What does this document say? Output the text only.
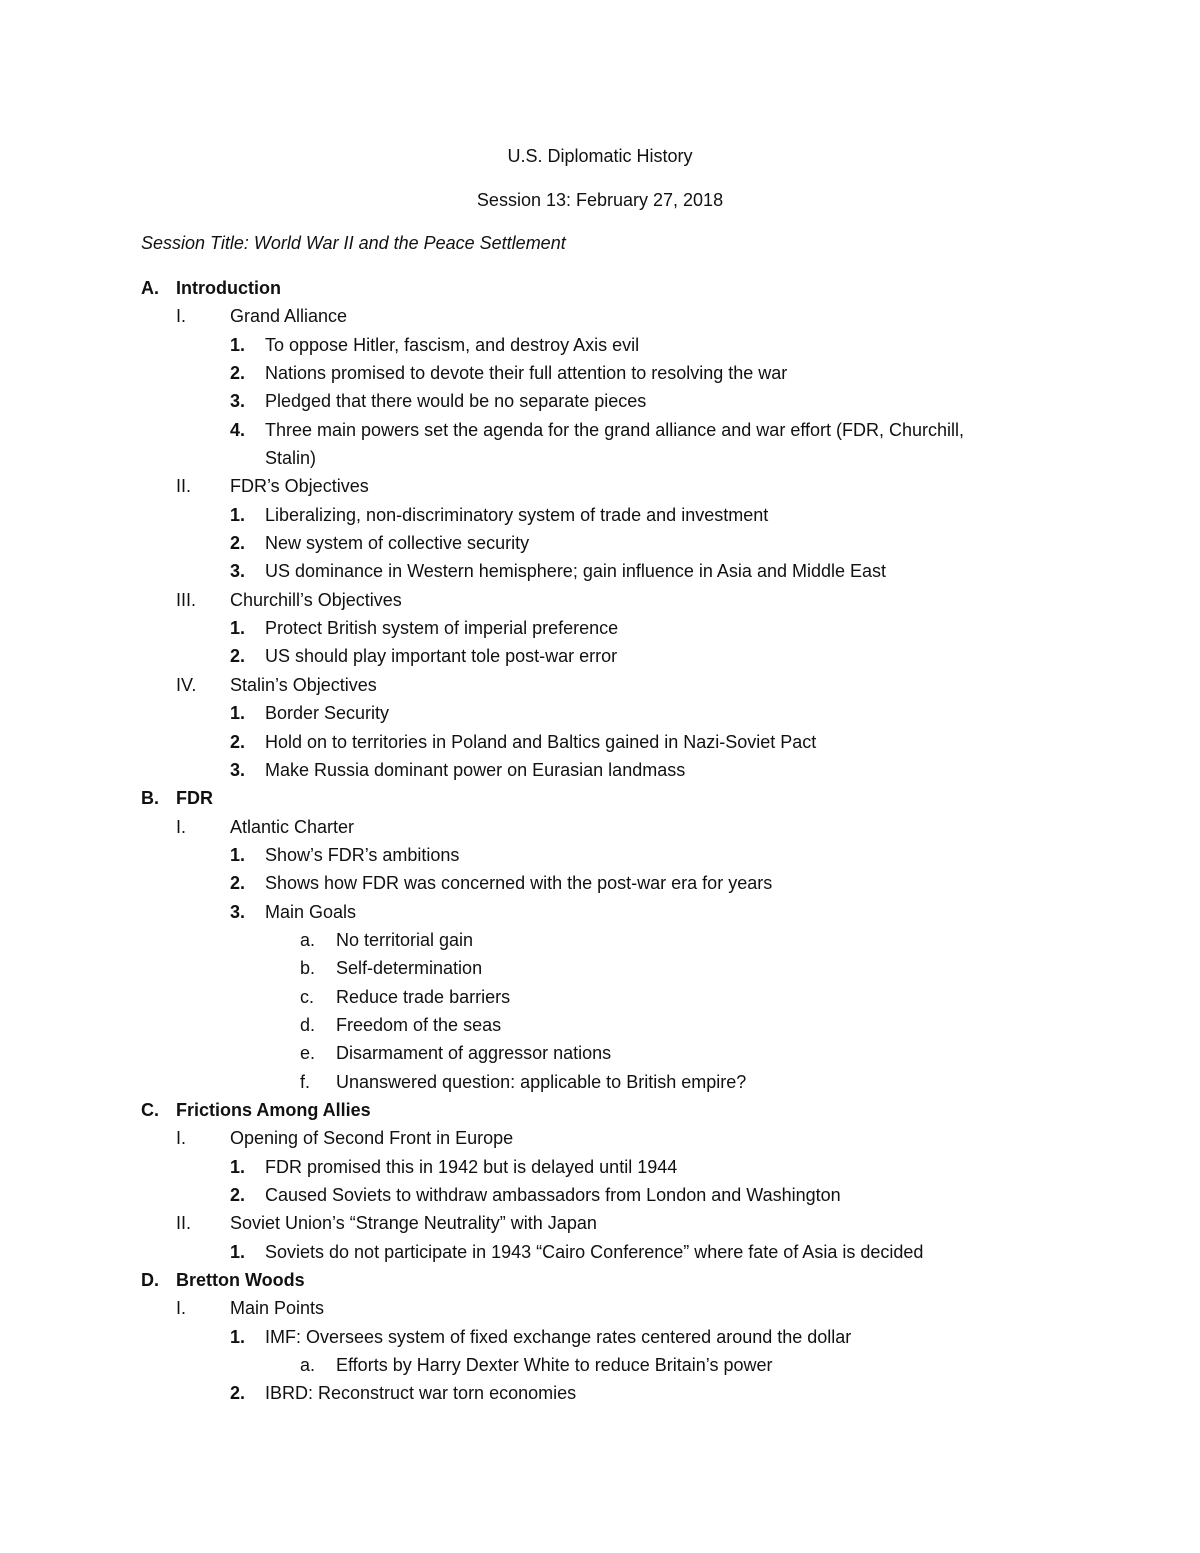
U.S. Diplomatic History
Session 13: February 27, 2018
Session Title: World War II and the Peace Settlement
A. Introduction
I. Grand Alliance
1. To oppose Hitler, fascism, and destroy Axis evil
2. Nations promised to devote their full attention to resolving the war
3. Pledged that there would be no separate pieces
4. Three main powers set the agenda for the grand alliance and war effort (FDR, Churchill,
Stalin)
II. FDR’s Objectives
1. Liberalizing, non-discriminatory system of trade and investment
2. New system of collective security
3. US dominance in Western hemisphere; gain influence in Asia and Middle East
III. Churchill’s Objectives
1. Protect British system of imperial preference
2. US should play important tole post-war error
IV. Stalin’s Objectives
1. Border Security
2. Hold on to territories in Poland and Baltics gained in Nazi-Soviet Pact
3. Make Russia dominant power on Eurasian landmass
B. FDR
I. Atlantic Charter
1. Show’s FDR’s ambitions
2. Shows how FDR was concerned with the post-war era for years
3. Main Goals
a. No territorial gain
b. Self-determination
c. Reduce trade barriers
d. Freedom of the seas
e. Disarmament of aggressor nations
f. Unanswered question: applicable to British empire?
C. Frictions Among Allies
I. Opening of Second Front in Europe
1. FDR promised this in 1942 but is delayed until 1944
2. Caused Soviets to withdraw ambassadors from London and Washington
II. Soviet Union’s “Strange Neutrality” with Japan
1. Soviets do not participate in 1943 “Cairo Conference” where fate of Asia is decided
D. Bretton Woods
I. Main Points
1. IMF: Oversees system of fixed exchange rates centered around the dollar
a. Efforts by Harry Dexter White to reduce Britain’s power
2. IBRD: Reconstruct war torn economies
